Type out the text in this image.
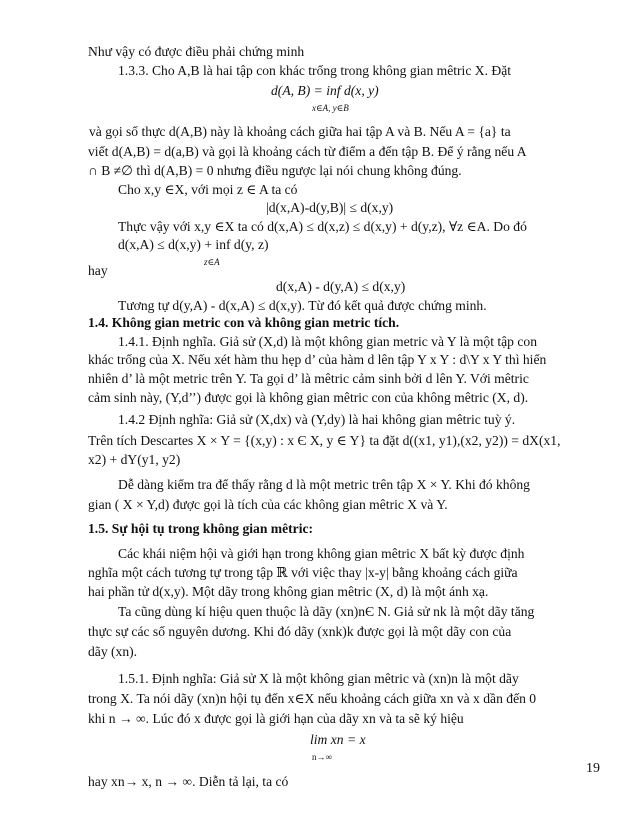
Như vậy có được điều phải chứng minh
1.3.3. Cho A,B là hai tập con khác trống trong không gian mêtric X. Đặt
d(A, B) = inf d(x, y)
x∈A, y∈B
và gọi số thực d(A,B) này là khoảng cách giữa hai tập A và B. Nếu A = {a} ta
viết d(A,B) = d(a,B) và gọi là khoảng cách từ điểm a đến tập B. Để ý rằng nếu A
∩ B ≠∅ thì d(A,B) = 0 nhưng điều ngược lại nói chung không đúng.
Cho x,y ∈X, với mọi z ∈ A ta có
|d(x,A)-d(y,B)| ≤ d(x,y)
Thực vậy với x,y ∈X ta có d(x,A) ≤ d(x,z) ≤ d(x,y) + d(y,z), ∀z ∈A. Do đó
d(x,A) ≤ d(x,y) + inf d(y, z)
z∈A
hay
d(x,A) - d(y,A) ≤ d(x,y)
Tương tự d(y,A) - d(x,A) ≤ d(x,y). Từ đó kết quả được chứng minh.
1.4. Không gian metric con và không gian metric tích.
1.4.1. Định nghĩa. Giả sử (X,d) là một không gian metric và Y là một tập con
khác trống của X. Nếu xét hàm thu hẹp d’ của hàm d lên tập Y x Y : d\Y x Y thì hiển
nhiên d’ là một metric trên Y. Ta gọi d’ là mêtric cảm sinh bởi d lên Y. Với mêtric
cảm sinh này, (Y,d’’) được gọi là không gian mêtric con của không mêtric (X, d).
1.4.2 Định nghĩa: Giả sử (X,dx) và (Y,dy) là hai không gian mêtric tuỳ ý.
Trên tích Descartes X × Y = {(x,y) : x Є X, y ∈ Y} ta đặt d((x1, y1),(x2, y2)) = dX(x1,
x2) + dY(y1, y2)
Dễ dàng kiểm tra để thấy rằng d là một metric trên tập X × Y. Khi đó không
gian ( X × Y,d) được gọi là tích của các không gian mêtric X và Y.
1.5. Sự hội tụ trong không gian mêtric:
Các khái niệm hội và giới hạn trong không gian mêtric X bất kỳ được định
nghĩa một cách tương tự trong tập ℝ với việc thay |x-y| bằng khoảng cách giữa
hai phần tử d(x,y). Một dãy trong không gian mêtric (X, d) là một ánh xạ.
Ta cũng dùng kí hiệu quen thuộc là dãy (xn)nЄ N. Giả sử nk là một dãy tăng
thực sự các số nguyên dương. Khi đó dãy (xnk)k được gọi là một dãy con của
dãy (xn).
1.5.1. Định nghĩa: Giả sử X là một không gian mêtric và (xn)n là một dãy
trong X. Ta nói dãy (xn)n hội tụ đến x∈X nếu khoảng cách giữa xn và x dần đến 0
khi n → ∞. Lúc đó x được gọi là giới hạn của dãy xn và ta sẽ ký hiệu
lim xn = x
n→∞
hay xn→ x, n → ∞. Diễn tả lại, ta có
19
